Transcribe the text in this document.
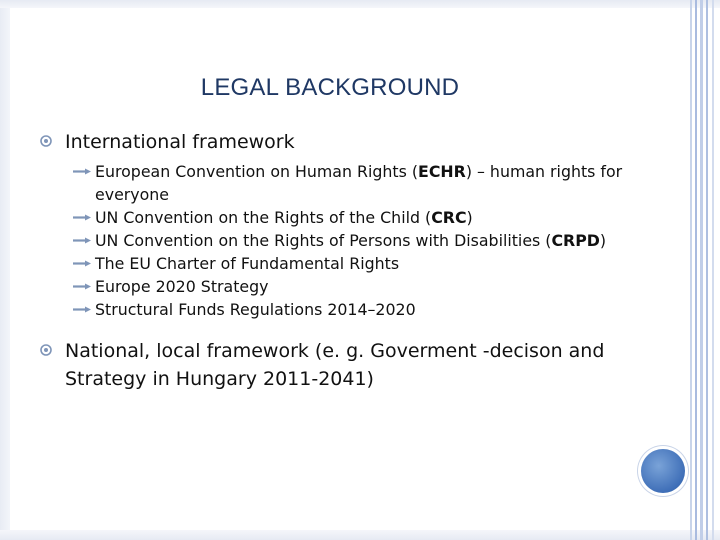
LEGAL BACKGROUND
International framework
European Convention on Human Rights (ECHR) – human rights for everyone
UN Convention on the Rights of the Child (CRC)
UN Convention on the Rights of Persons with Disabilities (CRPD)
The EU Charter of Fundamental Rights
Europe 2020 Strategy
Structural Funds Regulations 2014–2020
National, local framework (e. g. Goverment -decison and Strategy in Hungary 2011-2041)
